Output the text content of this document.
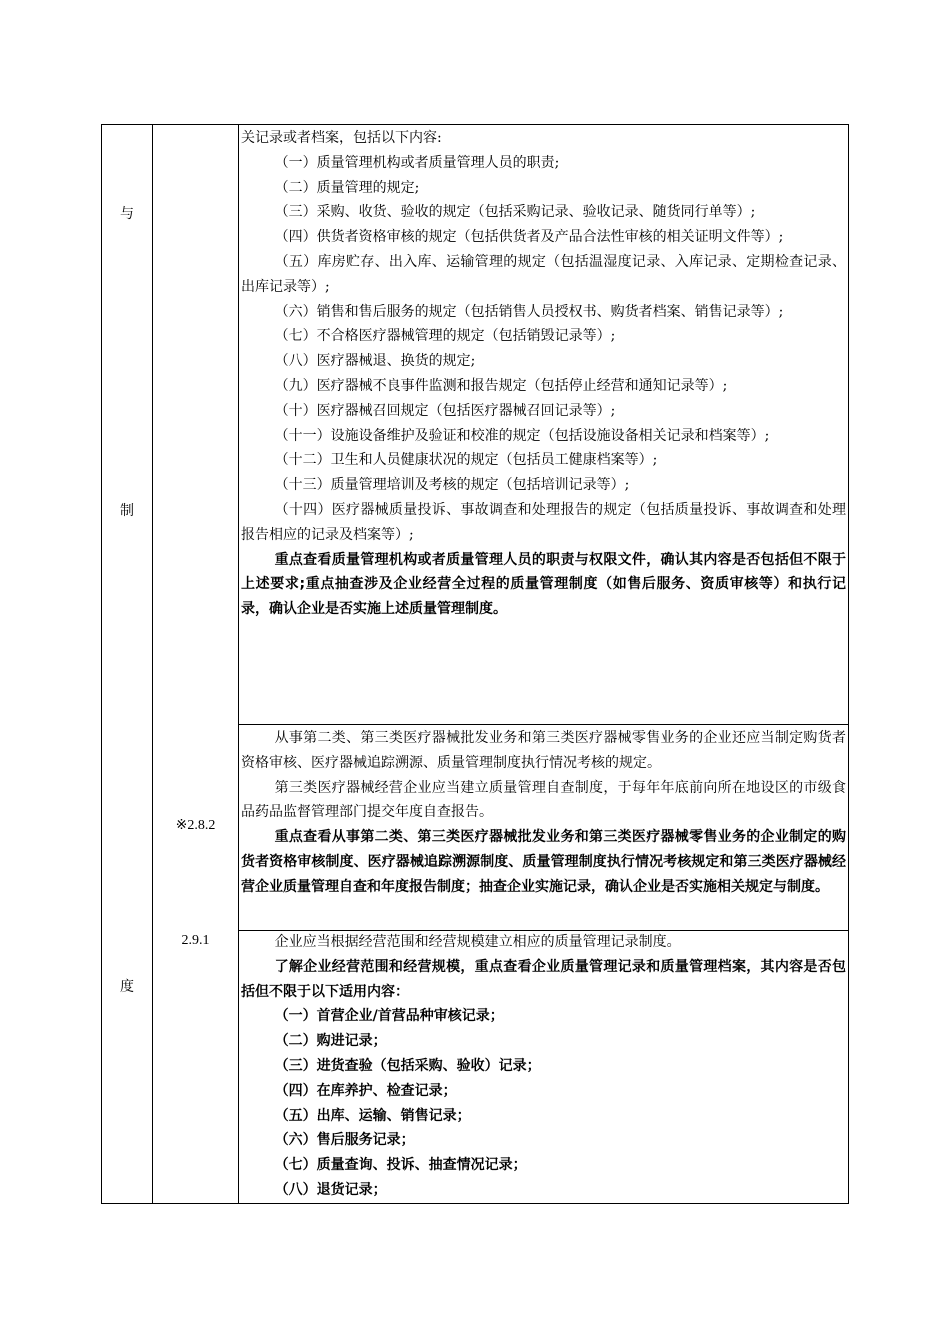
与
制
度

关记录或者档案，包括以下内容:

（一）质量管理机构或者质量管理人员的职责;

（二）质量管理的规定;

（三）采购、收货、验收的规定（包括采购记录、验收记录、随货同行单等）;

（四）供货者资格审核的规定（包括供货者及产品合法性审核的相关证明文件等）;

（五）库房贮存、出入库、运输管理的规定（包括温湿度记录、入库记录、定期检查记录、出库记录等）;

（六）销售和售后服务的规定（包括销售人员授权书、购货者档案、销售记录等）;

（七）不合格医疗器械管理的规定（包括销毁记录等）;

（八）医疗器械退、换货的规定;

（九）医疗器械不良事件监测和报告规定（包括停止经营和通知记录等）;

（十）医疗器械召回规定（包括医疗器械召回记录等）;

（十一）设施设备维护及验证和校准的规定（包括设施设备相关记录和档案等）;

（十二）卫生和人员健康状况的规定（包括员工健康档案等）;

（十三）质量管理培训及考核的规定（包括培训记录等）;

（十四）医疗器械质量投诉、事故调查和处理报告的规定（包括质量投诉、事故调查和处理报告相应的记录及档案等）;

重点查看质量管理机构或者质量管理人员的职责与权限文件，确认其内容是否包括但不限于上述要求;重点抽查涉及企业经营全过程的质量管理制度（如售后服务、资质审核等）和执行记录，确认企业是否实施上述质量管理制度。

※2.8.2

从事第二类、第三类医疗器械批发业务和第三类医疗器械零售业务的企业还应当制定购货者资格审核、医疗器械追踪溯源、质量管理制度执行情况考核的规定。

第三类医疗器械经营企业应当建立质量管理自查制度，于每年年底前向所在地设区的市级食品药品监督管理部门提交年度自查报告。

重点查看从事第二类、第三类医疗器械批发业务和第三类医疗器械零售业务的企业制定的购货者资格审核制度、医疗器械追踪溯源制度、质量管理制度执行情况考核规定和第三类医疗器械经营企业质量管理自查和年度报告制度；抽查企业实施记录，确认企业是否实施相关规定与制度。

2.9.1	企业应当根据经营范围和经营规模建立相应的质量管理记录制度。

了解企业经营范围和经营规模，重点查看企业质量管理记录和质量管理档案，其内容是否包括但不限于以下适用内容：

（一）首营企业/首营品种审核记录；

（二）购进记录；

（三）进货查验（包括采购、验收）记录；

（四）在库养护、检查记录；

（五）出库、运输、销售记录；

（六）售后服务记录；

（七）质量查询、投诉、抽查情况记录；

（八）退货记录；
